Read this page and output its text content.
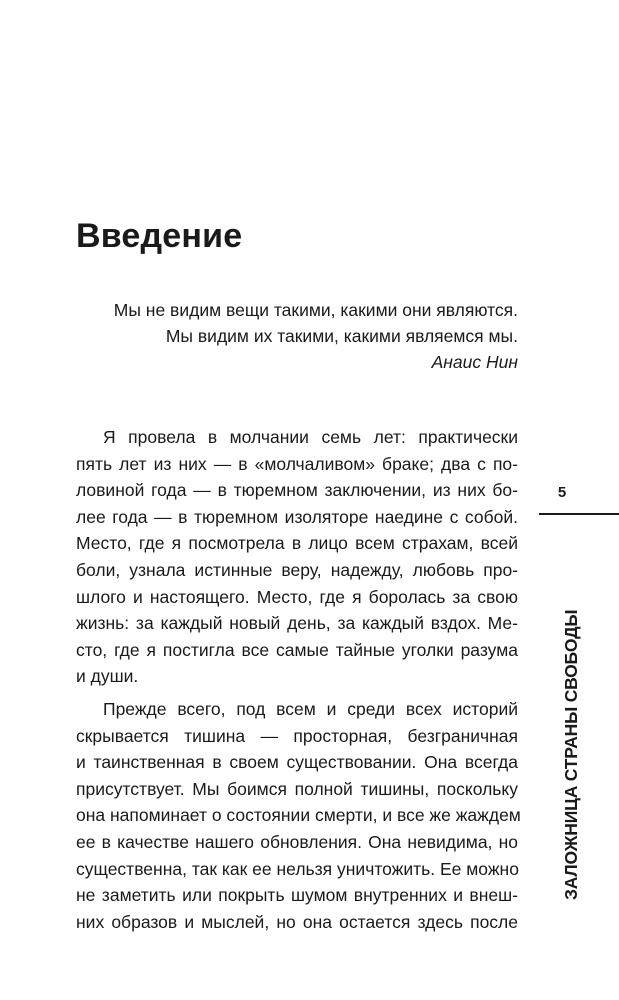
Введение
Мы не видим вещи такими, какими они являются.
Мы видим их такими, какими являемся мы.
Анаис Нин
Я провела в молчании семь лет: практически
пять лет из них — в «молчаливом» браке; два с по-
ловиной года — в тюремном заключении, из них бо-
лее года — в тюремном изоляторе наедине с собой.
Место, где я посмотрела в лицо всем страхам, всей
боли, узнала истинные веру, надежду, любовь про-
шлого и настоящего. Место, где я боролась за свою
жизнь: за каждый новый день, за каждый вздох. Ме-
сто, где я постигла все самые тайные уголки разума
и души.
Прежде всего, под всем и среди всех историй
скрывается тишина — просторная, безграничная
и таинственная в своем существовании. Она всегда
присутствует. Мы боимся полной тишины, поскольку
она напоминает о состоянии смерти, и все же жаждем
ее в качестве нашего обновления. Она невидима, но
существенна, так как ее нельзя уничтожить. Ее можно
не заметить или покрыть шумом внутренних и внеш-
них образов и мыслей, но она остается здесь после
5
ЗАЛОЖНИЦА СТРАНЫ СВОБОДЫ
